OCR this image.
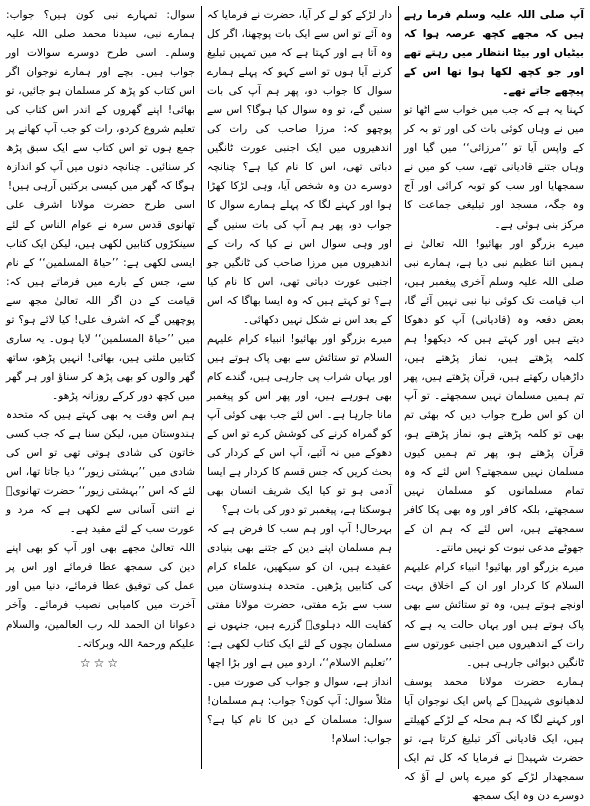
آپ صلی اللہ علیہ وسلم فرما رہے ہیں کہ مجھے کچھ عرصہ ہوا کہ بیٹیاں اور بیٹا انتظار میں رہتے تھے اور جو کچھ لکھا ہوا تھا اس کے پیچھے جاتے تھے۔

کہنا یہ ہے کہ جب میں خواب سے اٹھا تو میں نے وہاں کوئی بات کی اور تو بہ کر کے واپس آیا تو ’’مرزائی‘‘ میں گیا اور وہاں جتنے قادیانی تھے، سب کو میں نے سمجھایا اور سب کو توبہ کرائی اور آج وہ جگہ، مسجد اور تبلیغی جماعت کا مرکز بنی ہوئی ہے۔

میرے بزرگو اور بھائیو! اللہ تعالیٰ نے ہمیں اتنا عظیم نبی دیا ہے، ہمارے نبی صلی اللہ علیہ وسلم آخری پیغمبر ہیں، اب قیامت تک کوئی نیا نبی نہیں آئے گا، بعض دفعہ وہ (قادیانی) آپ کو دھوکا دیتے ہیں اور کہتے ہیں کہ دیکھو! ہم کلمہ پڑھتے ہیں، نماز پڑھتے ہیں، داڑھیاں رکھتے ہیں، قرآن پڑھتے ہیں، پھر تم ہمیں مسلمان نہیں سمجھتے۔ تو آپ ان کو اس طرح جواب دیں کہ بھئی تم بھی تو کلمہ پڑھتے ہو، نماز پڑھتے ہو، قرآن پڑھتے ہو، پھر تم ہمیں کیوں مسلمان نہیں سمجھتے؟ اس لئے کہ وہ تمام مسلمانوں کو مسلمان نہیں سمجھتے، بلکہ کافر اور وہ بھی پکا کافر سمجھتے ہیں، اس لئے کہ ہم ان کے جھوٹے مدعی نبوت کو نہیں مانتے۔

میرے بزرگو اور بھائیو! انبیاء کرام علیہم السلام کا کردار اور ان کے اخلاق بہت اونچے ہوتے ہیں، وہ تو ستائش سے بھی پاک ہوتے ہیں اور یہاں حالت یہ ہے کہ رات کے اندھیروں میں اجنبی عورتوں سے ٹانگیں دبوائی جارہی ہیں۔

ہمارے حضرت مولانا محمد یوسف لدھیانوی شہیدؒ کے پاس ایک نوجوان آیا اور کہنے لگا کہ ہم محلہ کے لڑکے کھیلتے ہیں، ایک قادیانی آکر تبلیغ کرتا ہے، تو حضرت شہیدؒ نے فرمایا کہ کل تم ایک سمجھدار لڑکے کو میرے پاس لے آؤ کہ دوسرے دن وہ ایک سمجھ

دار لڑکے کو لے کر آیا، حضرت نے فرمایا کہ وہ آئے تو اس سے ایک بات پوچھنا، اگر کل وہ آتا ہے اور کہتا ہے کہ میں تمہیں تبلیغ کرنے آیا ہوں تو اسے کہو کہ پہلے ہمارے سوال کا جواب دو، پھر ہم آپ کی بات سنیں گے، تو وہ سوال کیا ہوگا؟ اس سے پوچھو کہ: مرزا صاحب کی رات کی اندھیروں میں ایک اجنبی عورت ٹانگیں دباتی تھی، اس کا نام کیا ہے؟ چنانچہ دوسرے دن وہ شخص آیا، وہی لڑکا کھڑا ہوا اور کہنے لگا کہ پہلے ہمارے سوال کا جواب دو، پھر ہم آپ کی بات سنیں گے اور وہی سوال اس نے کیا کہ رات کے اندھیروں میں مرزا صاحب کی ٹانگیں جو اجنبی عورت دباتی تھی، اس کا نام کیا ہے؟ تو کہتے ہیں کہ وہ ایسا بھاگا کہ اس کے بعد اس نے شکل نہیں دکھائی۔

میرے بزرگو اور بھائیو! انبیاء کرام علیہم السلام تو ستائش سے بھی پاک ہوتے ہیں اور یہاں شراب پی جارہی ہیں، گندے کام بھی ہورہے ہیں، اور پھر اس کو پیغمبر مانا جارہا ہے۔ اس لئے جب بھی کوئی آپ کو گمراہ کرنے کی کوشش کرے تو اس کے دھوکے میں نہ آئیے، آپ اس کے کردار کی بحث کریں کہ جس قسم کا کردار ہے ایسا آدمی ہو تو کیا ایک شریف انسان بھی ہوسکتا ہے، پیغمبر تو دور کی بات ہے؟

بہرحال! آپ اور ہم سب کا فرض ہے کہ ہم مسلمان اپنے دین کے جتنے بھی بنیادی عقیدے ہیں، ان کو سیکھیں، علماء کرام کی کتابیں پڑھیں۔ متحدہ ہندوستان میں سب سے بڑے مفتی، حضرت مولانا مفتی کفایت اللہ دہلویؒ گزرے ہیں، جنہوں نے مسلمان بچوں کے لئے ایک کتاب لکھی ہے: ’’تعلیم الاسلام‘‘، اردو میں ہے اور بڑا اچھا انداز ہے، سوال و جواب کی صورت میں۔ مثلاً سوال: آپ کون؟ جواب: ہم مسلمان! سوال: مسلمان کے دین کا نام کیا ہے؟ جواب: اسلام!

سوال: تمہارے نبی کون ہیں؟ جواب: ہمارے نبی، سیدنا محمد صلی اللہ علیہ وسلم۔ اسی طرح دوسرے سوالات اور جواب ہیں۔ بچے اور ہمارے نوجوان اگر اس کتاب کو پڑھ کر مسلمان ہو جائیں، تو بھائی! اپنے گھروں کے اندر اس کتاب کی تعلیم شروع کردو، رات کو جب آپ کھانے پر جمع ہوں تو اس کتاب سے ایک سبق پڑھ کر سنائیں۔ چنانچہ دنوں میں آپ کو اندازہ ہوگا کہ گھر میں کیسی برکتیں آرہی ہیں!

اسی طرح حضرت مولانا اشرف علی تھانوی قدس سرہ نے عوام الناس کے لئے سینکڑوں کتابیں لکھی ہیں، لیکن ایک کتاب ایسی لکھی ہے: ’’حیاۃ المسلمین‘‘ کے نام سے، جس کے بارے میں فرماتے ہیں کہ: قیامت کے دن اگر اللہ تعالیٰ مجھ سے پوچھیں گے کہ اشرف علی! کیا لائے ہو؟ تو میں ’’حیاۃ المسلمین‘‘ لایا ہوں۔ یہ ساری کتابیں ملتی ہیں، بھائی! انہیں پڑھو، ساتھ گھر والوں کو بھی پڑھ کر سناؤ اور ہر گھر میں کچھ دور کرکے روزانہ پڑھو۔

ہم اس وقت یہ بھی کہتے ہیں کہ متحدہ ہندوستان میں، لیکن سنا ہے کہ جب کسی خاتون کی شادی ہوتی تھی تو اس کی شادی میں ’’بہشتی زیور‘‘ دیا جاتا تھا، اس لئے کہ اس ’’بہشتی زیور‘‘ حضرت تھانویؒ نے اتنی آسانی سے لکھی ہے کہ مرد و عورت سب کے لئے مفید ہے۔

اللہ تعالیٰ مجھے بھی اور آپ کو بھی اپنے دین کی سمجھ عطا فرمائے اور اس پر عمل کی توفیق عطا فرمائے، دنیا میں اور آخرت میں کامیابی نصیب فرمائے۔ وآخر دعوانا ان الحمد للہ رب العالمین، والسلام علیکم ورحمۃ اللہ وبرکاتہ۔

☆☆☆
